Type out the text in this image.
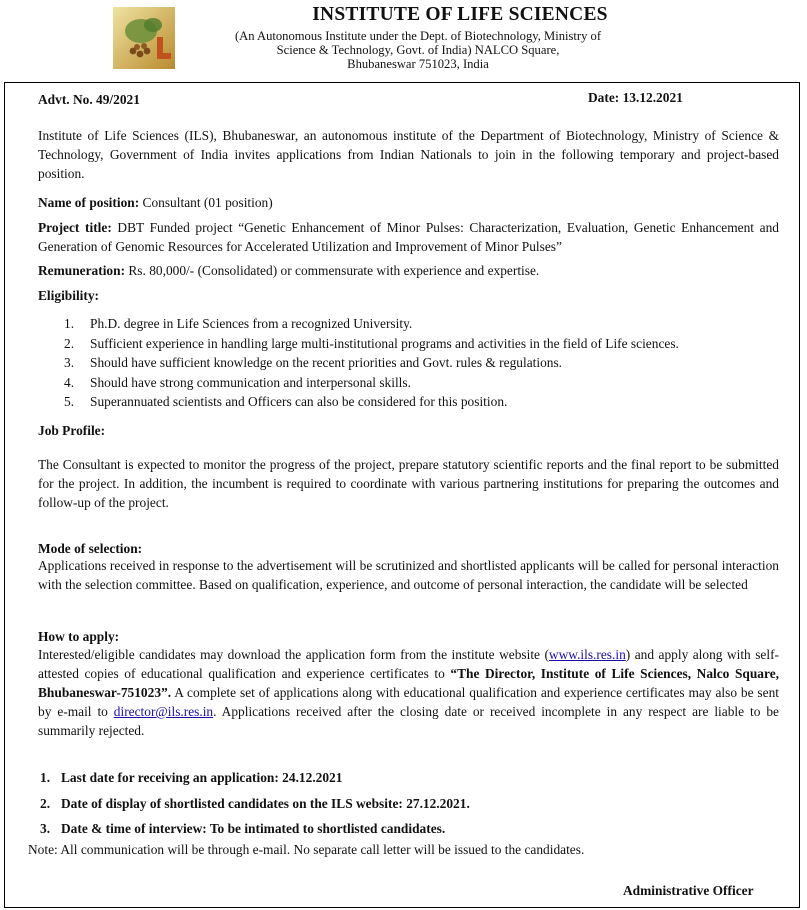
INSTITUTE OF LIFE SCIENCES
(An Autonomous Institute under the Dept. of Biotechnology, Ministry of
Science & Technology, Govt. of India) NALCO Square,
Bhubaneswar 751023, India
Advt. No. 49/2021	Date: 13.12.2021
Institute of Life Sciences (ILS), Bhubaneswar, an autonomous institute of the Department of Biotechnology, Ministry of Science & Technology, Government of India invites applications from Indian Nationals to join in the following temporary and project-based position.
Name of position: Consultant (01 position)
Project title: DBT Funded project “Genetic Enhancement of Minor Pulses: Characterization, Evaluation, Genetic Enhancement and Generation of Genomic Resources for Accelerated Utilization and Improvement of Minor Pulses”
Remuneration: Rs. 80,000/- (Consolidated) or commensurate with experience and expertise.
Eligibility:
1. Ph.D. degree in Life Sciences from a recognized University.
2. Sufficient experience in handling large multi-institutional programs and activities in the field of Life sciences.
3. Should have sufficient knowledge on the recent priorities and Govt. rules & regulations.
4. Should have strong communication and interpersonal skills.
5. Superannuated scientists and Officers can also be considered for this position.
Job Profile:
The Consultant is expected to monitor the progress of the project, prepare statutory scientific reports and the final report to be submitted for the project. In addition, the incumbent is required to coordinate with various partnering institutions for preparing the outcomes and follow-up of the project.
Mode of selection:
Applications received in response to the advertisement will be scrutinized and shortlisted applicants will be called for personal interaction with the selection committee. Based on qualification, experience, and outcome of personal interaction, the candidate will be selected
How to apply:
Interested/eligible candidates may download the application form from the institute website (www.ils.res.in) and apply along with self-attested copies of educational qualification and experience certificates to “The Director, Institute of Life Sciences, Nalco Square, Bhubaneswar-751023”. A complete set of applications along with educational qualification and experience certificates may also be sent by e-mail to director@ils.res.in. Applications received after the closing date or received incomplete in any respect are liable to be summarily rejected.
1. Last date for receiving an application: 24.12.2021
2. Date of display of shortlisted candidates on the ILS website: 27.12.2021.
3. Date & time of interview: To be intimated to shortlisted candidates.
Note: All communication will be through e-mail. No separate call letter will be issued to the candidates.
Administrative Officer
